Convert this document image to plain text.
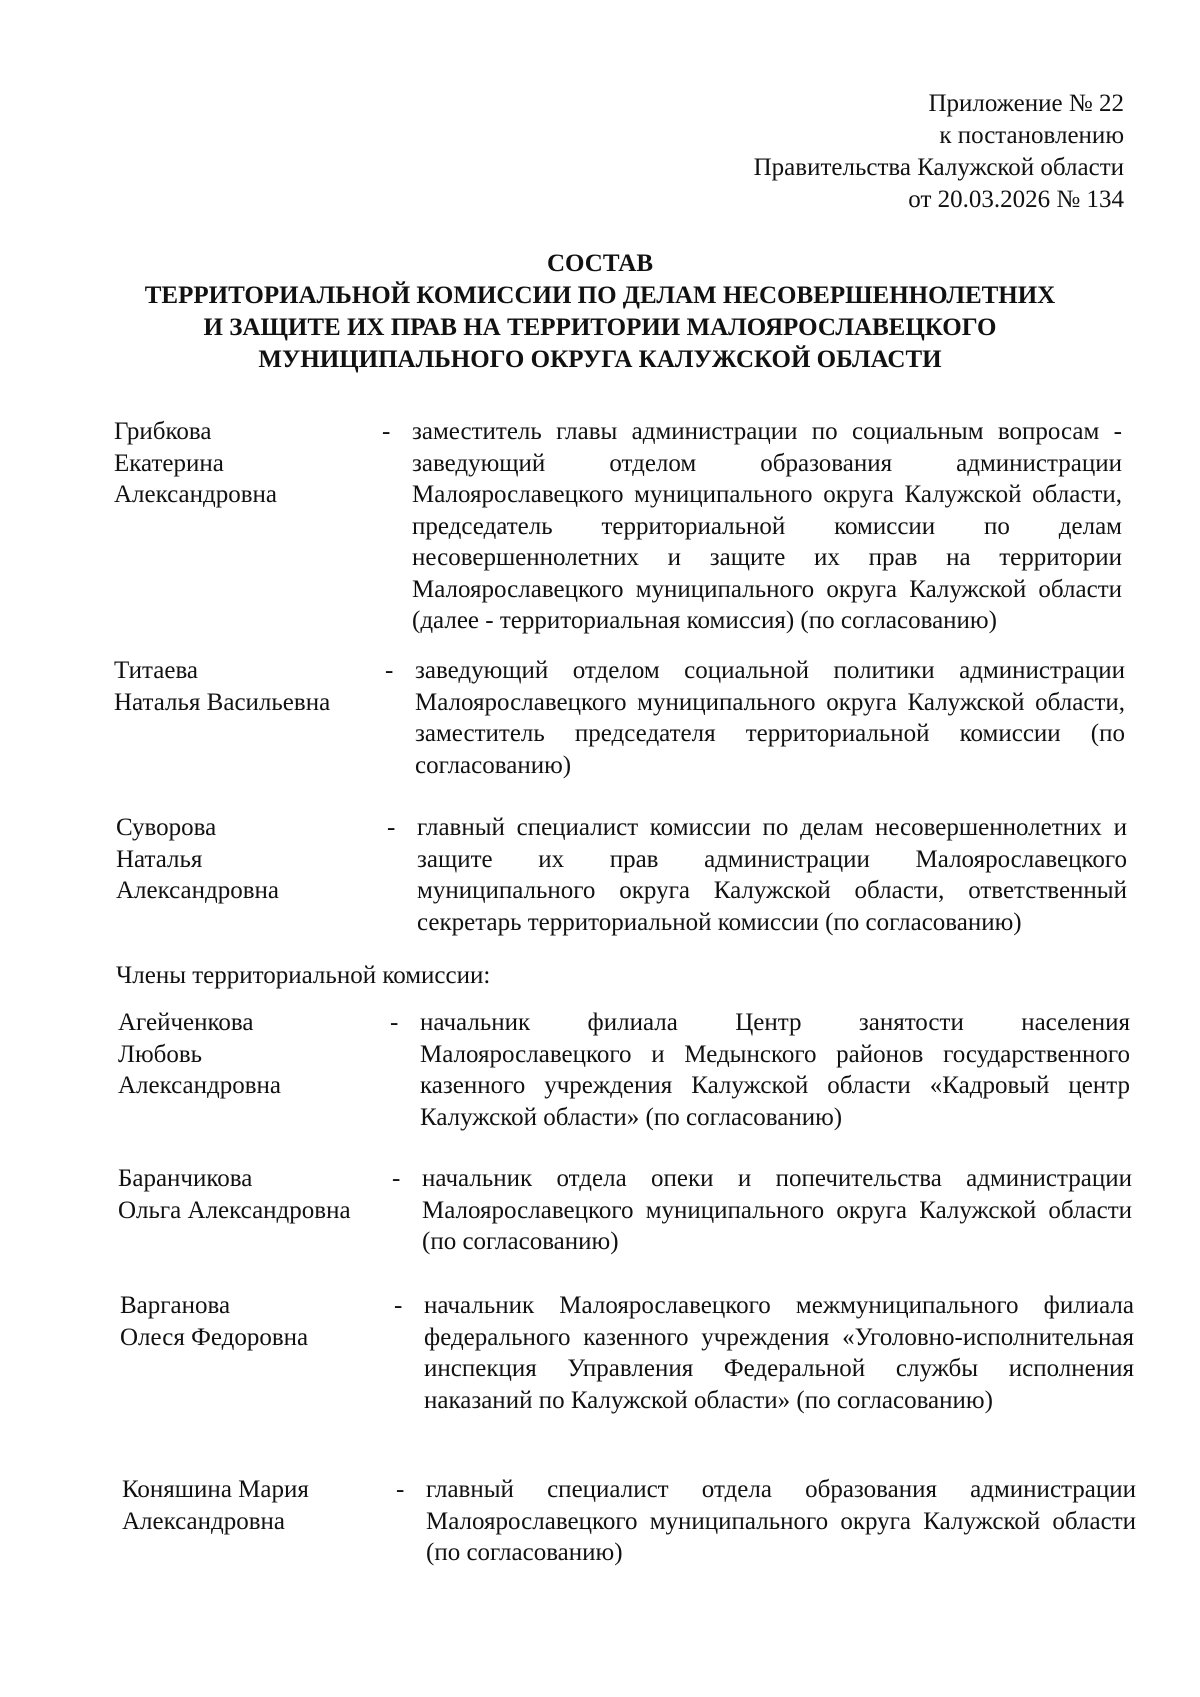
Приложение № 22
к постановлению
Правительства Калужской области
от 20.03.2026 № 134
СОСТАВ
ТЕРРИТОРИАЛЬНОЙ КОМИССИИ ПО ДЕЛАМ НЕСОВЕРШЕННОЛЕТНИХ
И ЗАЩИТЕ ИХ ПРАВ НА ТЕРРИТОРИИ МАЛОЯРОСЛАВЕЦКОГО
МУНИЦИПАЛЬНОГО ОКРУГА КАЛУЖСКОЙ ОБЛАСТИ
Грибкова
Екатерина
Александровна
- заместитель главы администрации по социальным вопросам - заведующий отделом образования администрации Малоярославецкого муниципального округа Калужской области, председатель территориальной комиссии по делам несовершеннолетних и защите их прав на территории Малоярославецкого муниципального округа Калужской области (далее - территориальная комиссия) (по согласованию)
Титаева
Наталья Васильевна
- заведующий отделом социальной политики администрации Малоярославецкого муниципального округа Калужской области, заместитель председателя территориальной комиссии (по согласованию)
Суворова
Наталья
Александровна
- главный специалист комиссии по делам несовершеннолетних и защите их прав администрации Малоярославецкого муниципального округа Калужской области, ответственный секретарь территориальной комиссии (по согласованию)
Члены территориальной комиссии:
Агейченкова
Любовь
Александровна
- начальник филиала Центр занятости населения Малоярославецкого и Медынского районов государственного казенного учреждения Калужской области «Кадровый центр Калужской области» (по согласованию)
Баранчикова
Ольга Александровна
- начальник отдела опеки и попечительства администрации Малоярославецкого муниципального округа Калужской области (по согласованию)
Варганова
Олеся Федоровна
- начальник Малоярославецкого межмуниципального филиала федерального казенного учреждения «Уголовно-исполнительная инспекция Управления Федеральной службы исполнения наказаний по Калужской области» (по согласованию)
Коняшина Мария
Александровна
- главный специалист отдела образования администрации Малоярославецкого муниципального округа Калужской области (по согласованию)
